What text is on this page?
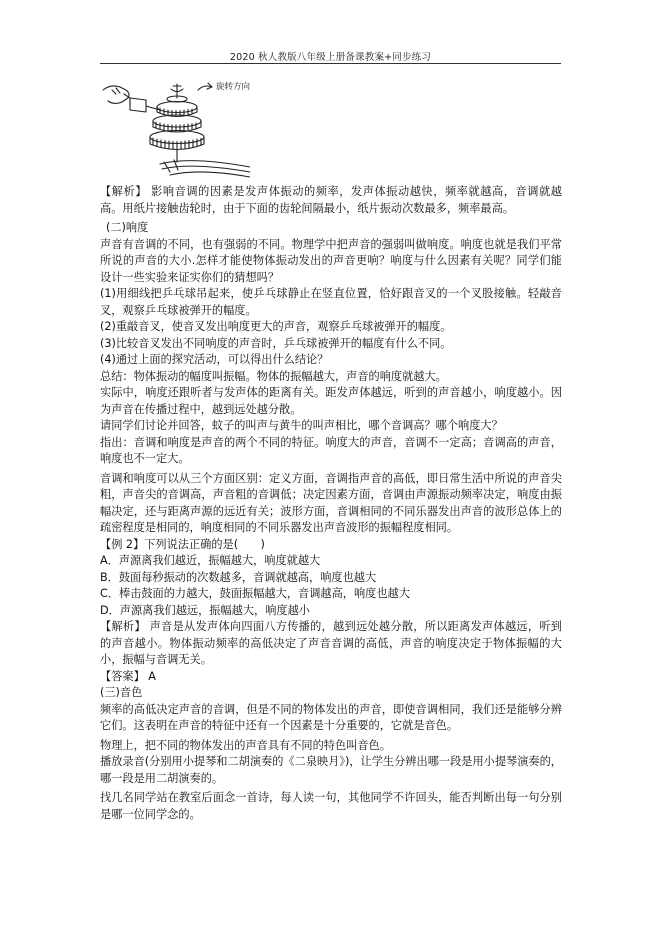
2020 秋人教版八年级上册备课教案+同步练习
旋转方向

【解析】 影响音调的因素是发声体振动的频率，发声体振动越快，频率就越高，音调就越高。用纸片接触齿轮时，由于下面的齿轮间隔最小，纸片振动次数最多，频率最高。

(二)响度

声音有音调的不同，也有强弱的不同。物理学中把声音的强弱叫做响度。响度也就是我们平常所说的声音的大小.怎样才能使物体振动发出的声音更响？响度与什么因素有关呢？同学们能设计一些实验来证实你们的猜想吗？

(1)用细线把乒乓球吊起来，使乒乓球静止在竖直位置，恰好跟音叉的一个叉股接触。轻敲音叉，观察乒乓球被弹开的幅度。

(2)重敲音叉，使音叉发出响度更大的声音，观察乒乓球被弹开的幅度。

(3)比较音叉发出不同响度的声音时，乒乓球被弹开的幅度有什么不同。

(4)通过上面的探究活动，可以得出什么结论？

总结：物体振动的幅度叫振幅。物体的振幅越大，声音的响度就越大。

实际中，响度还跟听者与发声体的距离有关。距发声体越远，听到的声音越小，响度越小。因为声音在传播过程中，越到远处越分散。

请同学们讨论并回答，蚊子的叫声与黄牛的叫声相比，哪个音调高？哪个响度大？

指出：音调和响度是声音的两个不同的特征。响度大的声音，音调不一定高；音调高的声音，响度也不一定大。

音调和响度可以从三个方面区别：定义方面，音调指声音的高低，即日常生活中所说的声音尖粗，声音尖的音调高，声音粗的音调低；决定因素方面，音调由声源振动频率决定，响度由振幅决定，还与距离声源的远近有关；波形方面，音调相同的不同乐器发出声音的波形总体上的疏密程度是相同的，响度相同的不同乐器发出声音波形的振幅程度相同。

【例 2】下列说法正确的是(　　)

A．声源离我们越近，振幅越大，响度就越大

B．鼓面每秒振动的次数越多，音调就越高，响度也越大

C．棒击鼓面的力越大，鼓面振幅越大，音调越高，响度也越大

D．声源离我们越远，振幅越大，响度越小

【解析】 声音是从发声体向四面八方传播的，越到远处越分散，所以距离发声体越远，听到的声音越小。物体振动频率的高低决定了声音音调的高低，声音的响度决定于物体振幅的大小，振幅与音调无关。

【答案】 A

(三)音色

频率的高低决定声音的音调，但是不同的物体发出的声音，即使音调相同，我们还是能够分辨它们。这表明在声音的特征中还有一个因素是十分重要的，它就是音色。

物理上，把不同的物体发出的声音具有不同的特色叫音色。

播放录音(分别用小提琴和二胡演奏的《二泉映月》)，让学生分辨出哪一段是用小提琴演奏的，哪一段是用二胡演奏的。

找几名同学站在教室后面念一首诗，每人读一句，其他同学不许回头，能否判断出每一句分别是哪一位同学念的。
